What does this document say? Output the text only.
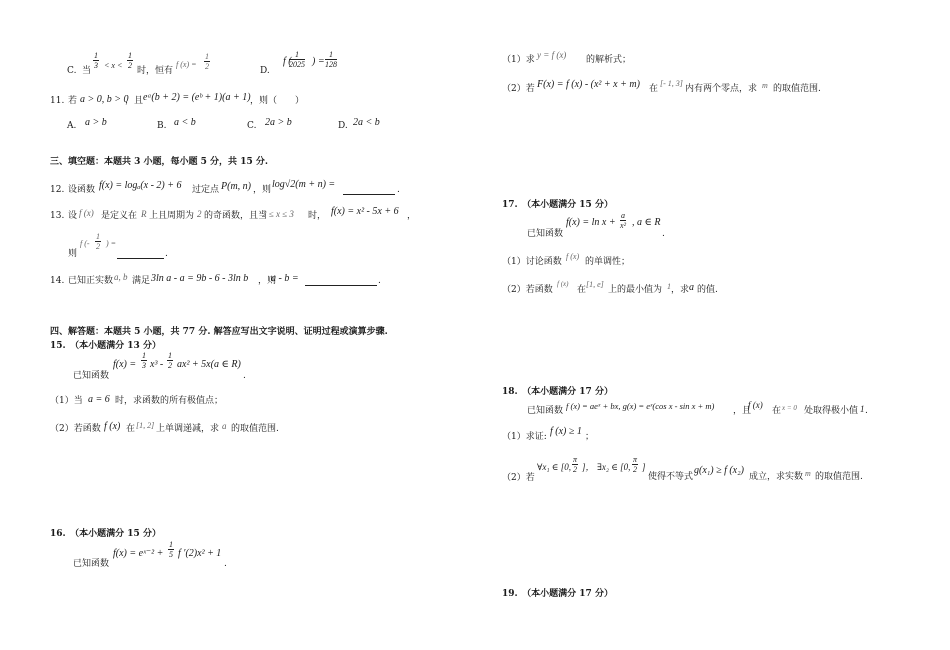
C. 当
$\frac{1}{3} < x < \frac{1}{2}$
时，恒有
f $(x) = \frac{1}{2}$	D.
f (
$\frac{1}{2025}$ ) = $\frac{1}{128}$
11. 若 a > 0, b > 0
，且 eᵃ(b + 2) = (eᵇ + 1)(a + 1) ，则（　　）
A. a > b	B. a < b	C. 2a > b	D. 2a < b
三、填空题：本题共 3 小题，每小题 5 分，共 15 分.
12. 设函数 f(x) = logₐ(x - 2) + 6 过定点 P(m, n) ，则 log√2(m + n) =	.
13. 设 f (x) 是定义在 R 上且周期为 2 的奇函数，且当
2 ≤ x ≤ 3 时， f(x) = x² - 5x + 6 ，
则
f (- $\frac{1}{2}$ ) =
.
14. 已知正实数 a, b 满足 3ln a - a = 9b - 6 - 3ln b ，则
a - b =	.
四、解答题：本题共 5 小题，共 77 分. 解答应写出文字说明、证明过程或演算步骤.
15.　（本小题满分 13 分）
已知函数
$f(x) = \frac{1}{3} x^3 - \frac{1}{2} ax^2 + 5x(a$ ∈ R)
.
（1）当 a = 6 时，求函数的所有极值点；
（2）若函数 f (x) 在 [1, 2] 上单调递减，求 a 的取值范围.
16.　（本小题满分 15 分）
已知函数
f(x) = eˣ⁻² + $\frac{1}{5}$ f ′(2)x² + 1
.
（1）求 y = f (x) 的解析式；
（2）若 F(x) = f (x) - (x² + x + m) 在
[- 1, 3]
内有两个零点，求 m 的取值范围.
17.　（本小题满分 15 分）
已知函数
$f(x) = \ln x + \frac{a}{\text{x²}}$ , a ∈ R
.
（1）讨论函数
f (x)
的单调性；
（2）若函数
f (x)
在
[1, e]
上的最小值为 1 ，求 a 的值.
18.　（本小题满分 17 分）
已知函数 f (x) = aeˣ + bx, g(x) = eˣ(cos x - sin x + m) ，且
f (x)
在 x = 0 处取得极小值 1 .
（1）求证: f (x) ≥ 1 ；
（2）若
∀x₁ ∈ [0, $\frac{\pi}{2}$ ]， ∃x₂ ∈ [0, $\frac{\pi}{2}$ ]
使得不等式
g(x₁) ≥ f (x₂)
成立，求实数 m 的取值范围.
19.　（本小题满分 17 分）
